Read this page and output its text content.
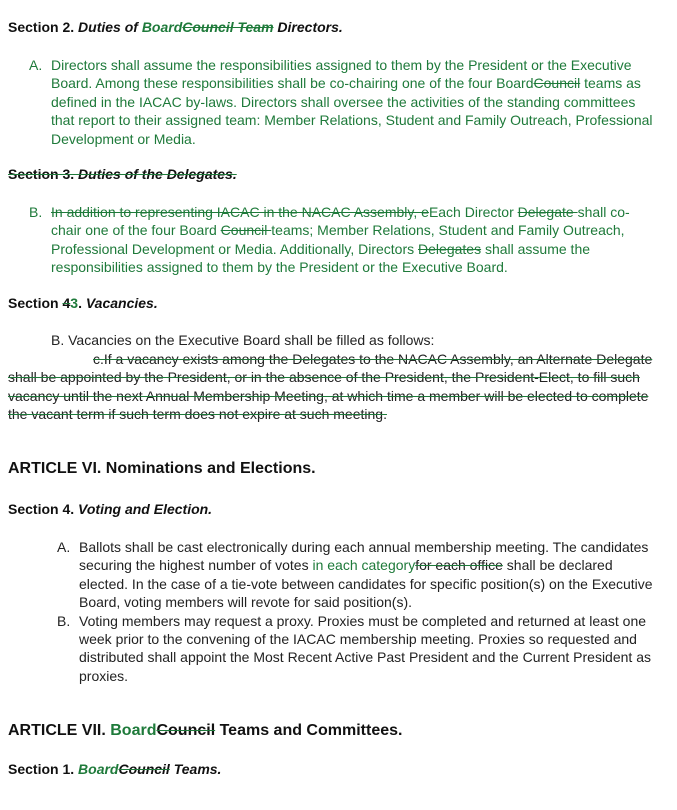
Section 2. Duties of BoardCouncil Team Directors.
A. Directors shall assume the responsibilities assigned to them by the President or the Executive Board. Among these responsibilities shall be co-chairing one of the four BoardCouncil teams as defined in the IACAC by-laws. Directors shall oversee the activities of the standing committees that report to their assigned team: Member Relations, Student and Family Outreach, Professional Development or Media.
Section 3. Duties of the Delegates.
B. In addition to representing IACAC in the NACAC Assembly, eEach Director Delegate shall co-chair one of the four Board Council teams; Member Relations, Student and Family Outreach, Professional Development or Media. Additionally, Directors Delegates shall assume the responsibilities assigned to them by the President or the Executive Board.
Section 43. Vacancies.
B. Vacancies on the Executive Board shall be filled as follows:
c.If a vacancy exists among the Delegates to the NACAC Assembly, an Alternate Delegate shall be appointed by the President, or in the absence of the President, the President-Elect, to fill such vacancy until the next Annual Membership Meeting, at which time a member will be elected to complete the vacant term if such term does not expire at such meeting.
ARTICLE VI. Nominations and Elections.
Section 4. Voting and Election.
A. Ballots shall be cast electronically during each annual membership meeting. The candidates securing the highest number of votes in each categoryfor each office shall be declared elected. In the case of a tie-vote between candidates for specific position(s) on the Executive Board, voting members will revote for said position(s).
B. Voting members may request a proxy. Proxies must be completed and returned at least one week prior to the convening of the IACAC membership meeting. Proxies so requested and distributed shall appoint the Most Recent Active Past President and the Current President as proxies.
ARTICLE VII. BoardCouncil Teams and Committees.
Section 1. BoardCouncil Teams.
